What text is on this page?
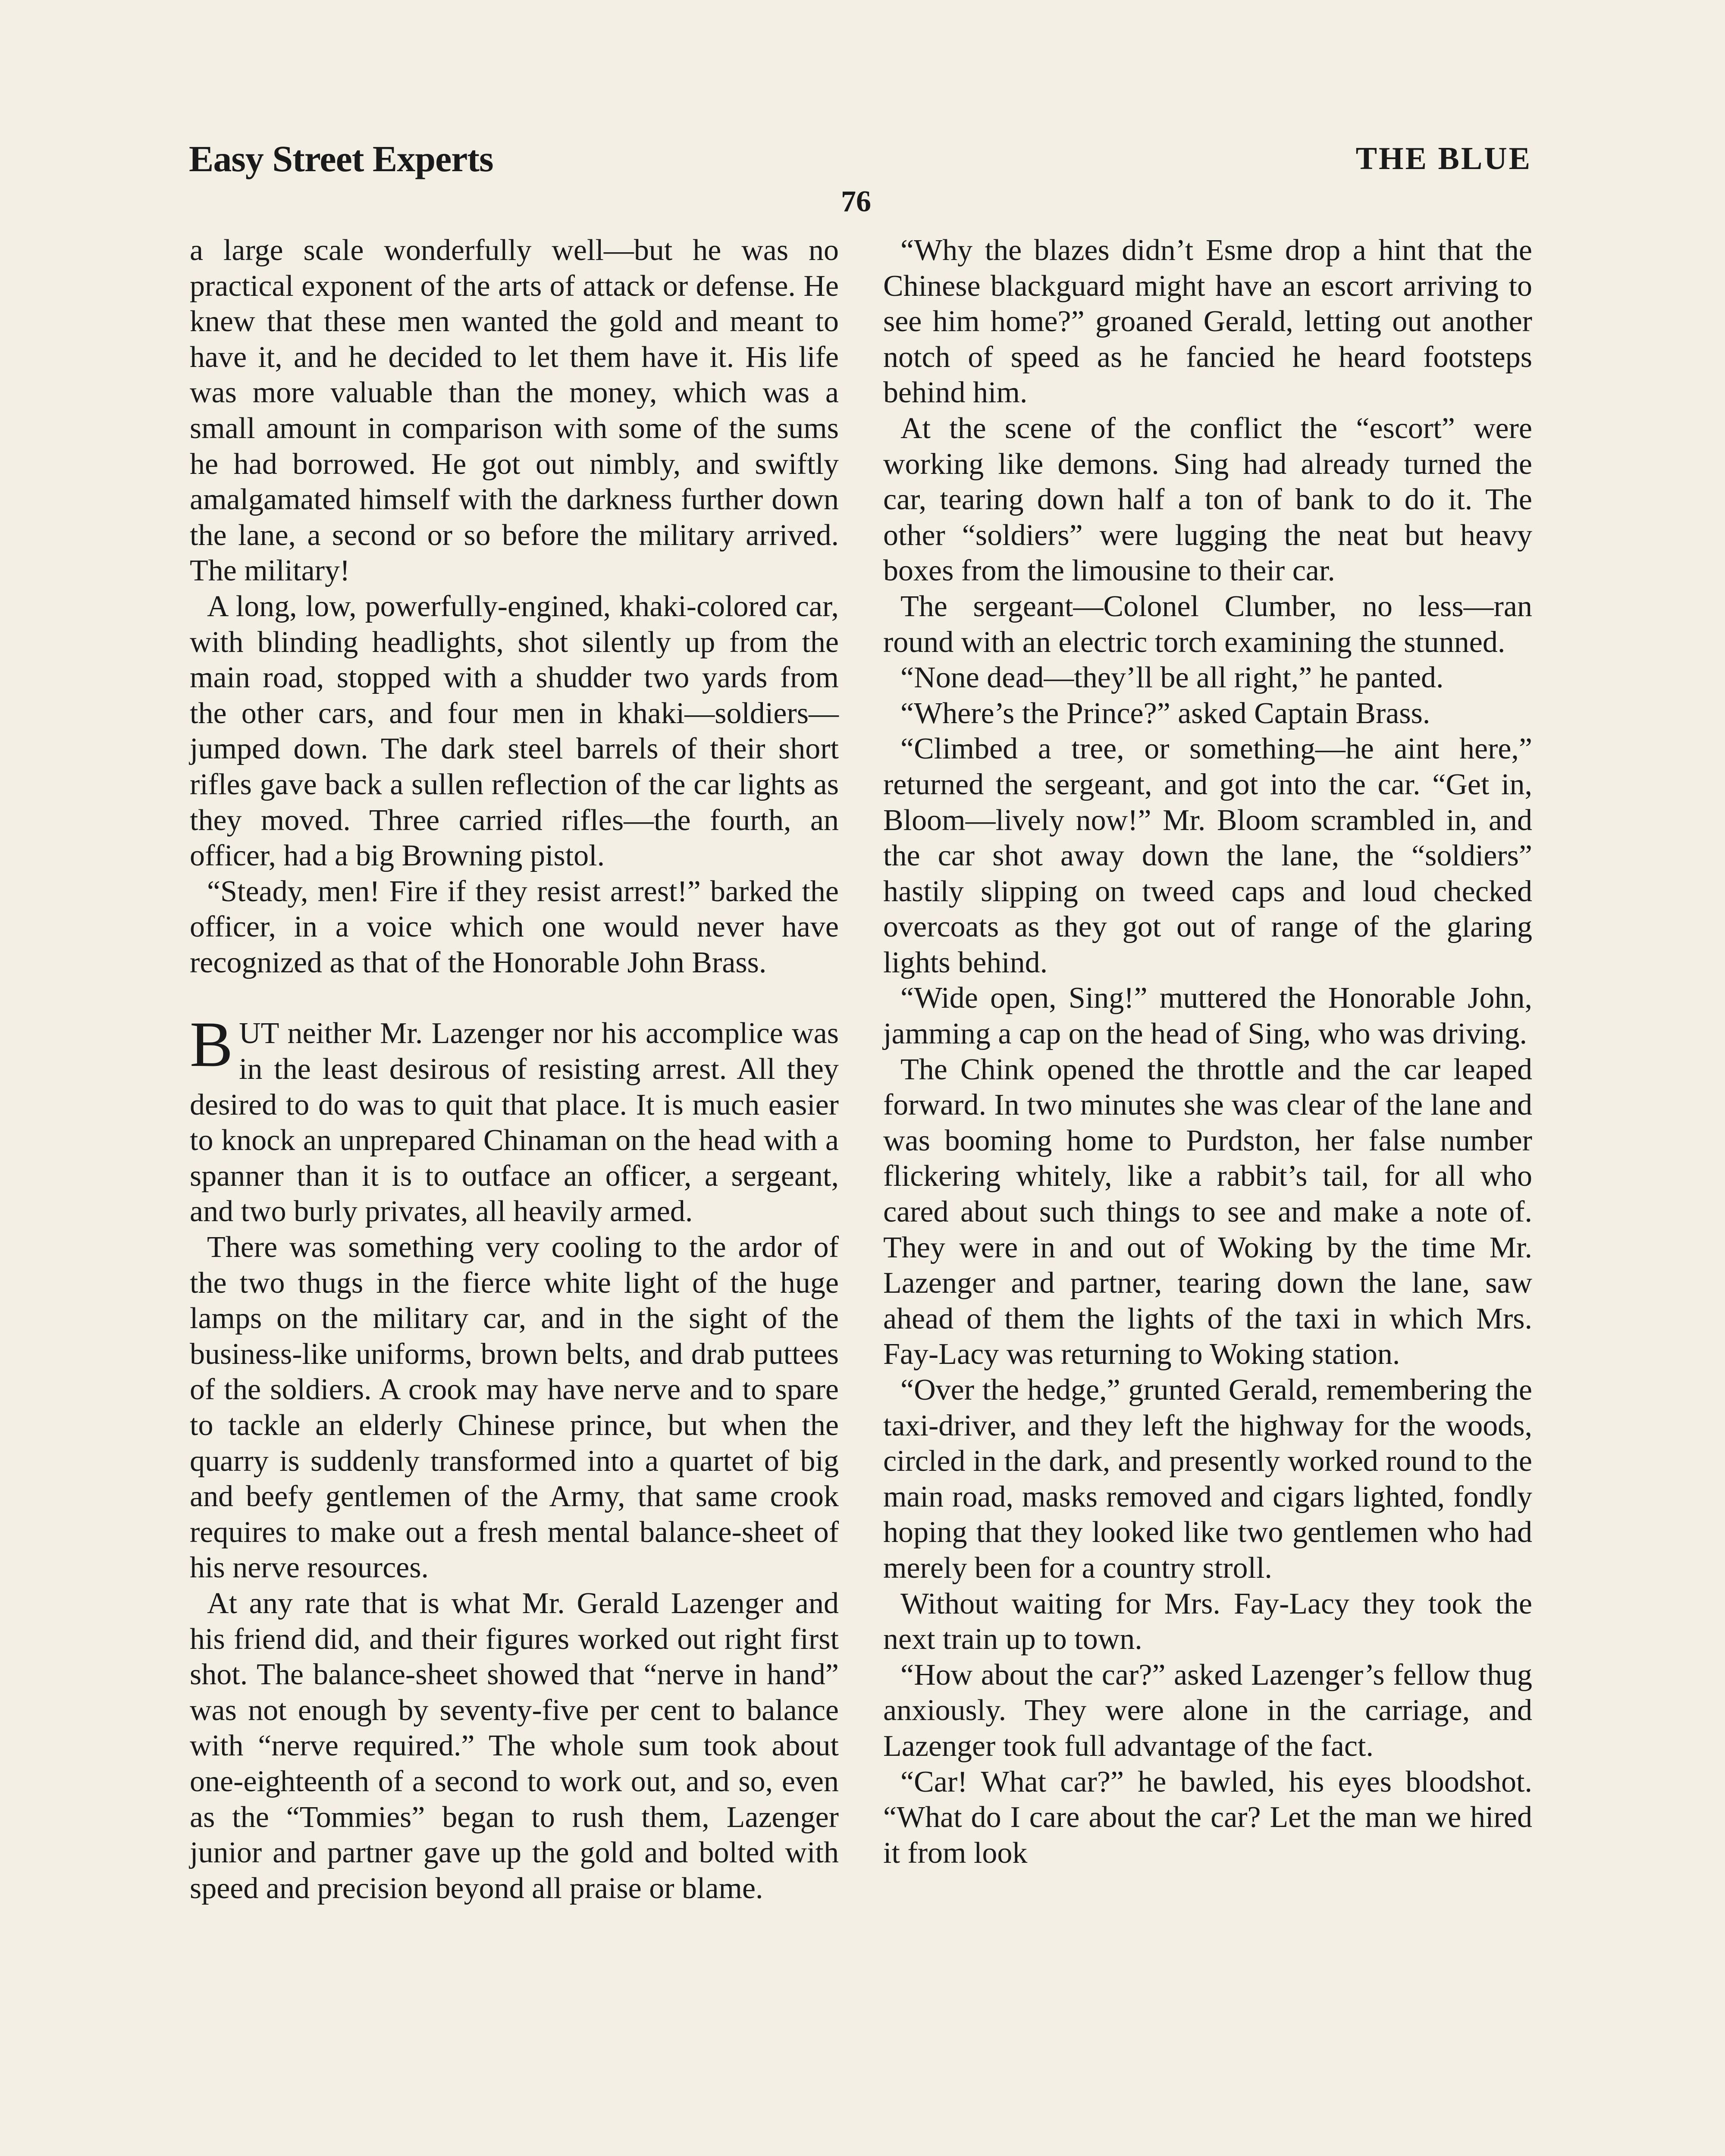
Easy Street Experts	THE BLUE
76

a large scale wonderfully well—but he was no practical exponent of the arts of attack or defense. He knew that these men wanted the gold and meant to have it, and he decided to let them have it. His life was more valuable than the money, which was a small amount in comparison with some of the sums he had borrowed. He got out nimbly, and swiftly amalgamated himself with the darkness further down the lane, a second or so before the military arrived. The military!

A long, low, powerfully-engined, khaki-colored car, with blinding headlights, shot silently up from the main road, stopped with a shudder two yards from the other cars, and four men in khaki—soldiers—jumped down. The dark steel barrels of their short rifles gave back a sullen reflection of the car lights as they moved. Three carried rifles—the fourth, an officer, had a big Browning pistol.

“Steady, men! Fire if they resist arrest!” barked the officer, in a voice which one would never have recognized as that of the Honorable John Brass.

BUT neither Mr. Lazenger nor his accomplice was in the least desirous of resisting arrest. All they desired to do was to quit that place. It is much easier to knock an unprepared Chinaman on the head with a spanner than it is to outface an officer, a sergeant, and two burly privates, all heavily armed.

There was something very cooling to the ardor of the two thugs in the fierce white light of the huge lamps on the military car, and in the sight of the business-like uniforms, brown belts, and drab puttees of the soldiers. A crook may have nerve and to spare to tackle an elderly Chinese prince, but when the quarry is suddenly transformed into a quartet of big and beefy gentlemen of the Army, that same crook requires to make out a fresh mental balance-sheet of his nerve resources.

At any rate that is what Mr. Gerald Lazenger and his friend did, and their figures worked out right first shot. The balance-sheet showed that “nerve in hand” was not enough by seventy-five per cent to balance with “nerve required.” The whole sum took about one-eighteenth of a second to work out, and so, even as the “Tommies” began to rush them, Lazenger junior and partner gave up the gold and bolted with speed and precision beyond all praise or blame.

“Why the blazes didn’t Esme drop a hint that the Chinese blackguard might have an escort arriving to see him home?” groaned Gerald, letting out another notch of speed as he fancied he heard footsteps behind him.

At the scene of the conflict the “escort” were working like demons. Sing had already turned the car, tearing down half a ton of bank to do it. The other “soldiers” were lugging the neat but heavy boxes from the limousine to their car.

The sergeant—Colonel Clumber, no less—ran round with an electric torch examining the stunned.

“None dead—they’ll be all right,” he panted.

“Where’s the Prince?” asked Captain Brass.

“Climbed a tree, or something—he aint here,” returned the sergeant, and got into the car. “Get in, Bloom—lively now!” Mr. Bloom scrambled in, and the car shot away down the lane, the “soldiers” hastily slipping on tweed caps and loud checked overcoats as they got out of range of the glaring lights behind.

“Wide open, Sing!” muttered the Honorable John, jamming a cap on the head of Sing, who was driving.

The Chink opened the throttle and the car leaped forward. In two minutes she was clear of the lane and was booming home to Purdston, her false number flickering whitely, like a rabbit’s tail, for all who cared about such things to see and make a note of. They were in and out of Woking by the time Mr. Lazenger and partner, tearing down the lane, saw ahead of them the lights of the taxi in which Mrs. Fay-Lacy was returning to Woking station.

“Over the hedge,” grunted Gerald, remembering the taxi-driver, and they left the highway for the woods, circled in the dark, and presently worked round to the main road, masks removed and cigars lighted, fondly hoping that they looked like two gentlemen who had merely been for a country stroll.

Without waiting for Mrs. Fay-Lacy they took the next train up to town.

“How about the car?” asked Lazenger’s fellow thug anxiously. They were alone in the carriage, and Lazenger took full advantage of the fact.

“Car! What car?” he bawled, his eyes bloodshot. “What do I care about the car? Let the man we hired it from look
